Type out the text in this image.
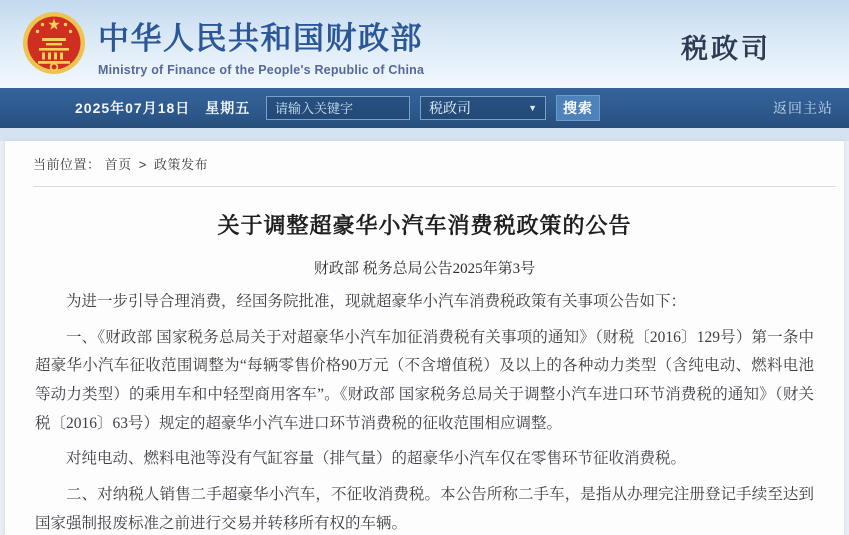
中华人民共和国财政部
Ministry of Finance of the People's Republic of China
税政司
2025年07月18日　星期五
请输入关键字	税政司	▼	搜索	返回主站
当前位置： 首页 > 政策发布
关于调整超豪华小汽车消费税政策的公告
财政部 税务总局公告2025年第3号

为进一步引导合理消费，经国务院批准，现就超豪华小汽车消费税政策有关事项公告如下：

一、《财政部 国家税务总局关于对超豪华小汽车加征消费税有关事项的通知》（财税〔2016〕129号）第一条中超豪华小汽车征收范围调整为“每辆零售价格90万元（不含增值税）及以上的各种动力类型（含纯电动、燃料电池等动力类型）的乘用车和中轻型商用客车”。《财政部 国家税务总局关于调整小汽车进口环节消费税的通知》（财关税〔2016〕63号）规定的超豪华小汽车进口环节消费税的征收范围相应调整。

对纯电动、燃料电池等没有气缸容量（排气量）的超豪华小汽车仅在零售环节征收消费税。

二、对纳税人销售二手超豪华小汽车，不征收消费税。本公告所称二手车，是指从办理完注册登记手续至达到国家强制报废标准之前进行交易并转移所有权的车辆。
